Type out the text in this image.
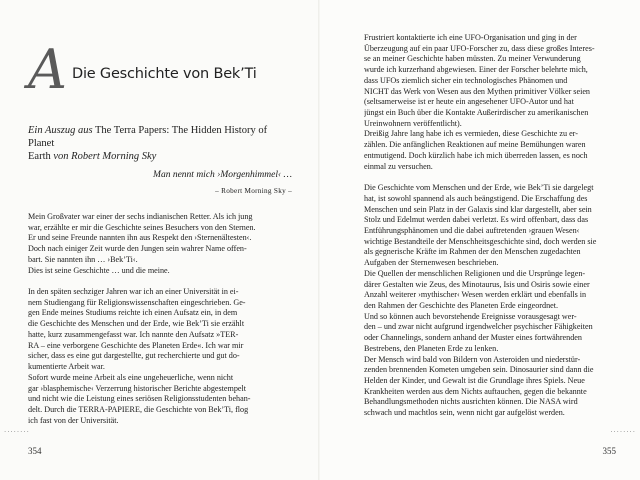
A Die Geschichte von Bek’Ti
Ein Auszug aus The Terra Papers: The Hidden History of Planet
Earth von Robert Morning Sky
Man nennt mich ›Morgenhimmel‹ …
– Robert Morning Sky –
Mein Großvater war einer der sechs indianischen Retter. Als ich jung
war, erzählte er mir die Geschichte seines Besuchers von den Sternen.
Er und seine Freunde nannten ihn aus Respekt den ›Sternenältesten‹.
Doch nach einiger Zeit wurde den Jungen sein wahrer Name offen-
bart. Sie nannten ihn … ›Bek’Ti‹.
Dies ist seine Geschichte … und die meine.
In den späten sechziger Jahren war ich an einer Universität in ei-
nem Studiengang für Religionswissenschaften eingeschrieben. Ge-
gen Ende meines Studiums reichte ich einen Aufsatz ein, in dem
die Geschichte des Menschen und der Erde, wie Bek’Ti sie erzählt
hatte, kurz zusammengefasst war. Ich nannte den Aufsatz »TER-
RA – eine verborgene Geschichte des Planeten Erde«. Ich war mir
sicher, dass es eine gut dargestellte, gut recherchierte und gut do-
kumentierte Arbeit war.
Sofort wurde meine Arbeit als eine ungeheuerliche, wenn nicht
gar ›blasphemische‹ Verzerrung historischer Berichte abgestempelt
und nicht wie die Leistung eines seriösen Religionsstudenten behan-
delt. Durch die TERRA-PAPIERE, die Geschichte von Bek’Ti, flog
ich fast von der Universität.
........
354
Frustriert kontaktierte ich eine UFO-Organisation und ging in der
Überzeugung auf ein paar UFO-Forscher zu, dass diese großes Interes-
se an meiner Geschichte haben müssten. Zu meiner Verwunderung
wurde ich kurzerhand abgewiesen. Einer der Forscher belehrte mich,
dass UFOs ziemlich sicher ein technologisches Phänomen und
NICHT das Werk von Wesen aus den Mythen primitiver Völker seien
(seltsamerweise ist er heute ein angesehener UFO-Autor und hat
jüngst ein Buch über die Kontakte Außerirdischer zu amerikanischen
Ureinwohnern veröffentlicht).
Dreißig Jahre lang habe ich es vermieden, diese Geschichte zu er-
zählen. Die anfänglichen Reaktionen auf meine Bemühungen waren
entmutigend. Doch kürzlich habe ich mich überreden lassen, es noch
einmal zu versuchen.
Die Geschichte vom Menschen und der Erde, wie Bek’Ti sie dargelegt
hat, ist sowohl spannend als auch beängstigend. Die Erschaffung des
Menschen und sein Platz in der Galaxis sind klar dargestellt, aber sein
Stolz und Edelmut werden dabei verletzt. Es wird offenbart, dass das
Entführungsphänomen und die dabei auftretenden ›grauen Wesen‹
wichtige Bestandteile der Menschheitsgeschichte sind, doch werden sie
als gegnerische Kräfte im Rahmen der den Menschen zugedachten
Aufgaben der Sternenwesen beschrieben.
Die Quellen der menschlichen Religionen und die Ursprünge legen-
därer Gestalten wie Zeus, des Minotaurus, Isis und Osiris sowie einer
Anzahl weiterer ›mythischer‹ Wesen werden erklärt und ebenfalls in
den Rahmen der Geschichte des Planeten Erde eingeordnet.
Und so können auch bevorstehende Ereignisse vorausgesagt wer-
den – und zwar nicht aufgrund irgendwelcher psychischer Fähigkeiten
oder Channelings, sondern anhand der Muster eines fortwährenden
Bestrebens, den Planeten Erde zu lenken.
Der Mensch wird bald von Bildern von Asteroiden und niederstür-
zenden brennenden Kometen umgeben sein. Dinosaurier sind dann die
Helden der Kinder, und Gewalt ist die Grundlage ihres Spiels. Neue
Krankheiten werden aus dem Nichts auftauchen, gegen die bekannte
Behandlungsmethoden nichts ausrichten können. Die NASA wird
schwach und machtlos sein, wenn nicht gar aufgelöst werden.
........
355
